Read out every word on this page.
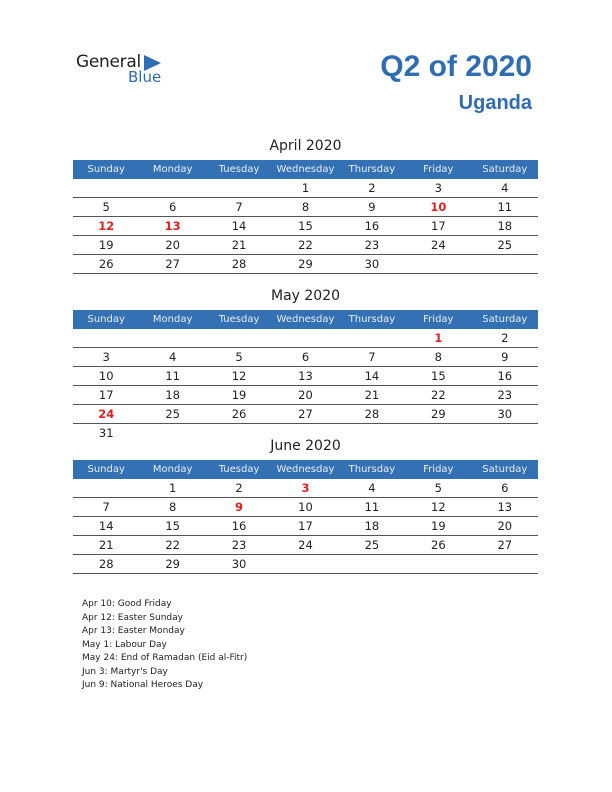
General
Blue	Q2 of 2020
Uganda
April 2020
Sunday	Monday	Tuesday	Wednesday	Thursday	Friday	Saturday
			1	2	3	4
5	6	7	8	9	10	11
12	13	14	15	16	17	18
19	20	21	22	23	24	25
26	27	28	29	30		
May 2020
Sunday	Monday	Tuesday	Wednesday	Thursday	Friday	Saturday
					1	2
3	4	5	6	7	8	9
10	11	12	13	14	15	16
17	18	19	20	21	22	23
24	25	26	27	28	29	30
31						
June 2020
Sunday	Monday	Tuesday	Wednesday	Thursday	Friday	Saturday
	1	2	3	4	5	6
7	8	9	10	11	12	13
14	15	16	17	18	19	20
21	22	23	24	25	26	27
28	29	30				
Apr 10: Good Friday
Apr 12: Easter Sunday
Apr 13: Easter Monday
May 1: Labour Day
May 24: End of Ramadan (Eid al-Fitr)
Jun 3: Martyr's Day
Jun 9: National Heroes Day
